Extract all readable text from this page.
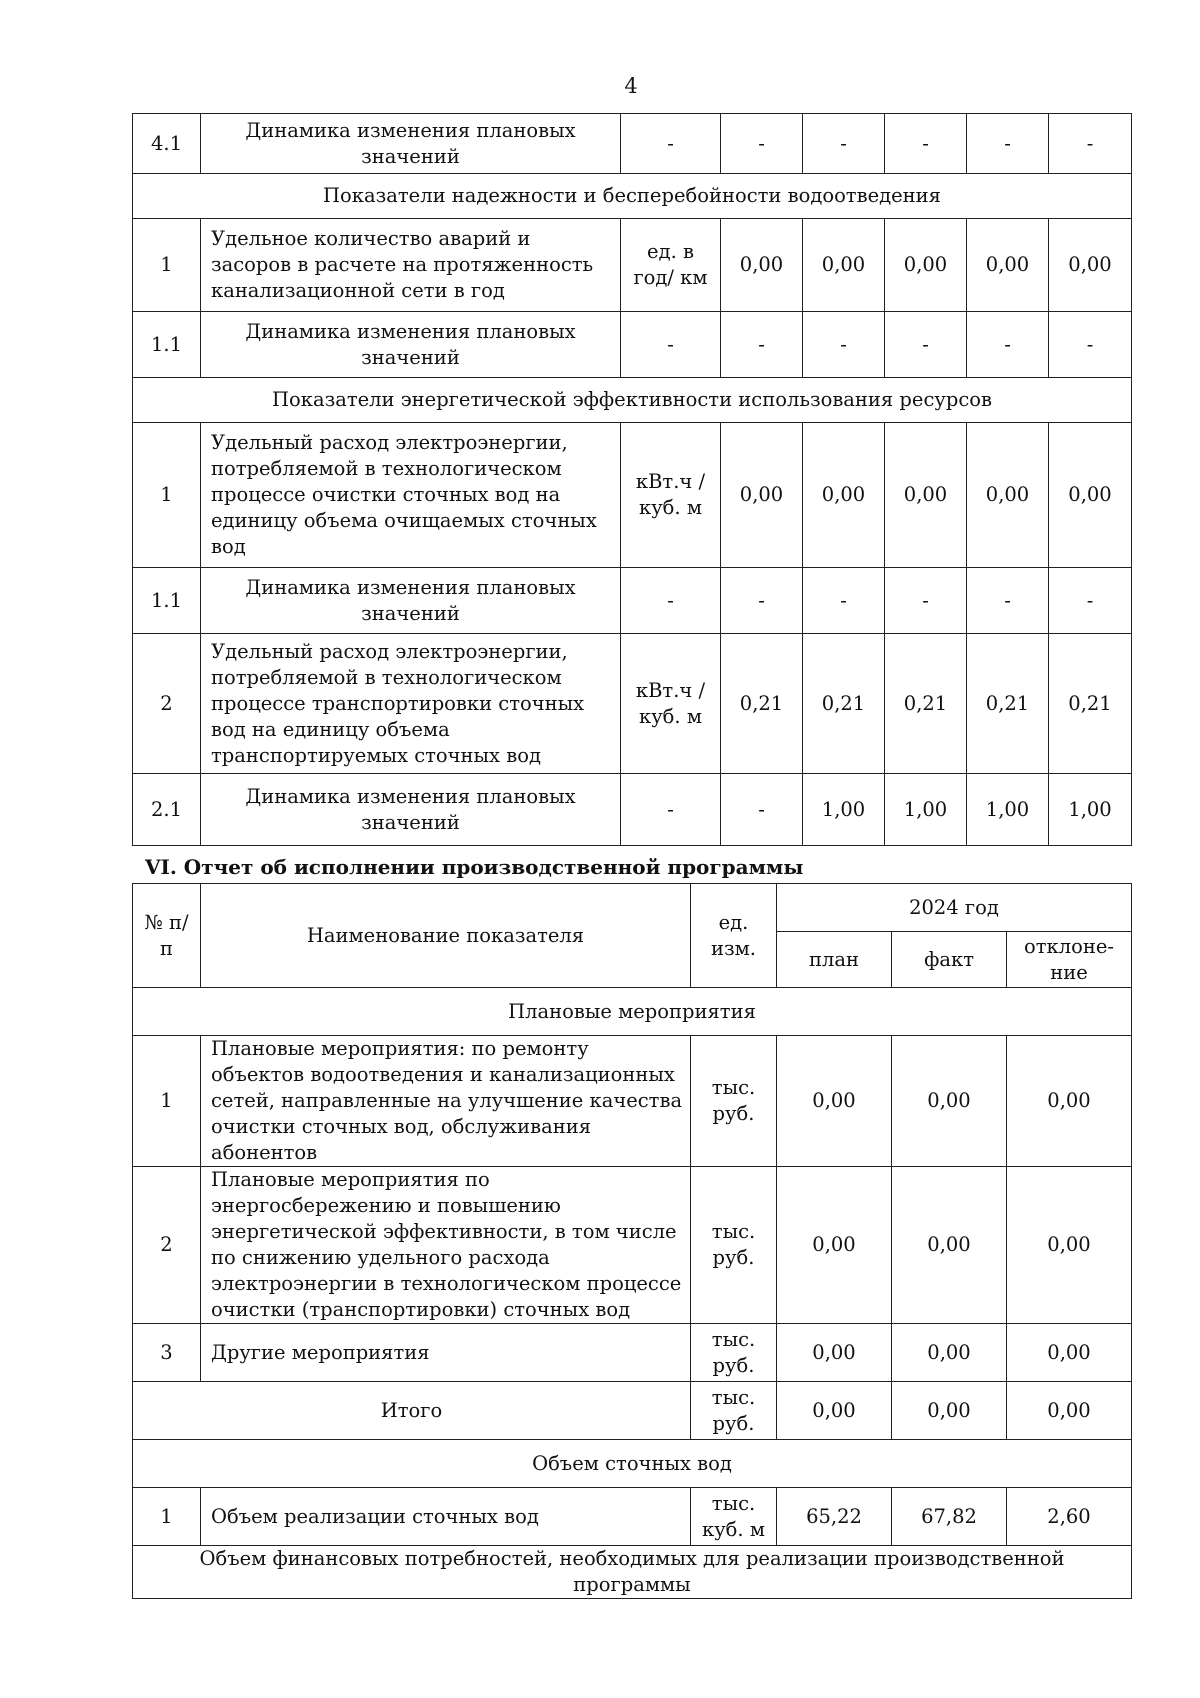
4
4.1	Динамика изменения плановых значений	-	-	-	-	-	-
Показатели надежности и бесперебойности водоотведения							
1	Удельное количество аварий и засоров в расчете на протяженность канализационной сети в год	ед. в год/ км	0,00	0,00	0,00	0,00	0,00
1.1	Динамика изменения плановых значений	-	-	-	-	-	-
Показатели энергетической эффективности использования ресурсов							
1	Удельный расход электроэнергии, потребляемой в технологическом процессе очистки сточных вод на единицу объема очищаемых сточных вод	кВт.ч / куб. м	0,00	0,00	0,00	0,00	0,00
1.1	Динамика изменения плановых значений	-	-	-	-	-	-
2	Удельный расход электроэнергии, потребляемой в технологическом процессе транспортировки сточных вод на единицу объема транспортируемых сточных вод	кВт.ч / куб. м	0,21	0,21	0,21	0,21	0,21
2.1	Динамика изменения плановых значений	-	-	1,00	1,00	1,00	1,00
VI. Отчет об исполнении производственной программы
№ п/п	Наименование показателя	ед. изм.	2024 год		
			план	факт	отклоне-ние
Плановые мероприятия					
1	Плановые мероприятия: по ремонту объектов водоотведения и канализационных сетей, направленные на улучшение качества очистки сточных вод, обслуживания абонентов	тыс. руб.	0,00	0,00	0,00
2	Плановые мероприятия по энергосбережению и повышению энергетической эффективности, в том числе по снижению удельного расхода электроэнергии в технологическом процессе очистки (транспортировки) сточных вод	тыс. руб.	0,00	0,00	0,00
3	Другие мероприятия	тыс. руб.	0,00	0,00	0,00
Итого		тыс. руб.	0,00	0,00	0,00
Объем сточных вод					
1	Объем реализации сточных вод	тыс. куб. м	65,22	67,82	2,60
Объем финансовых потребностей, необходимых для реализации производственной программы					
